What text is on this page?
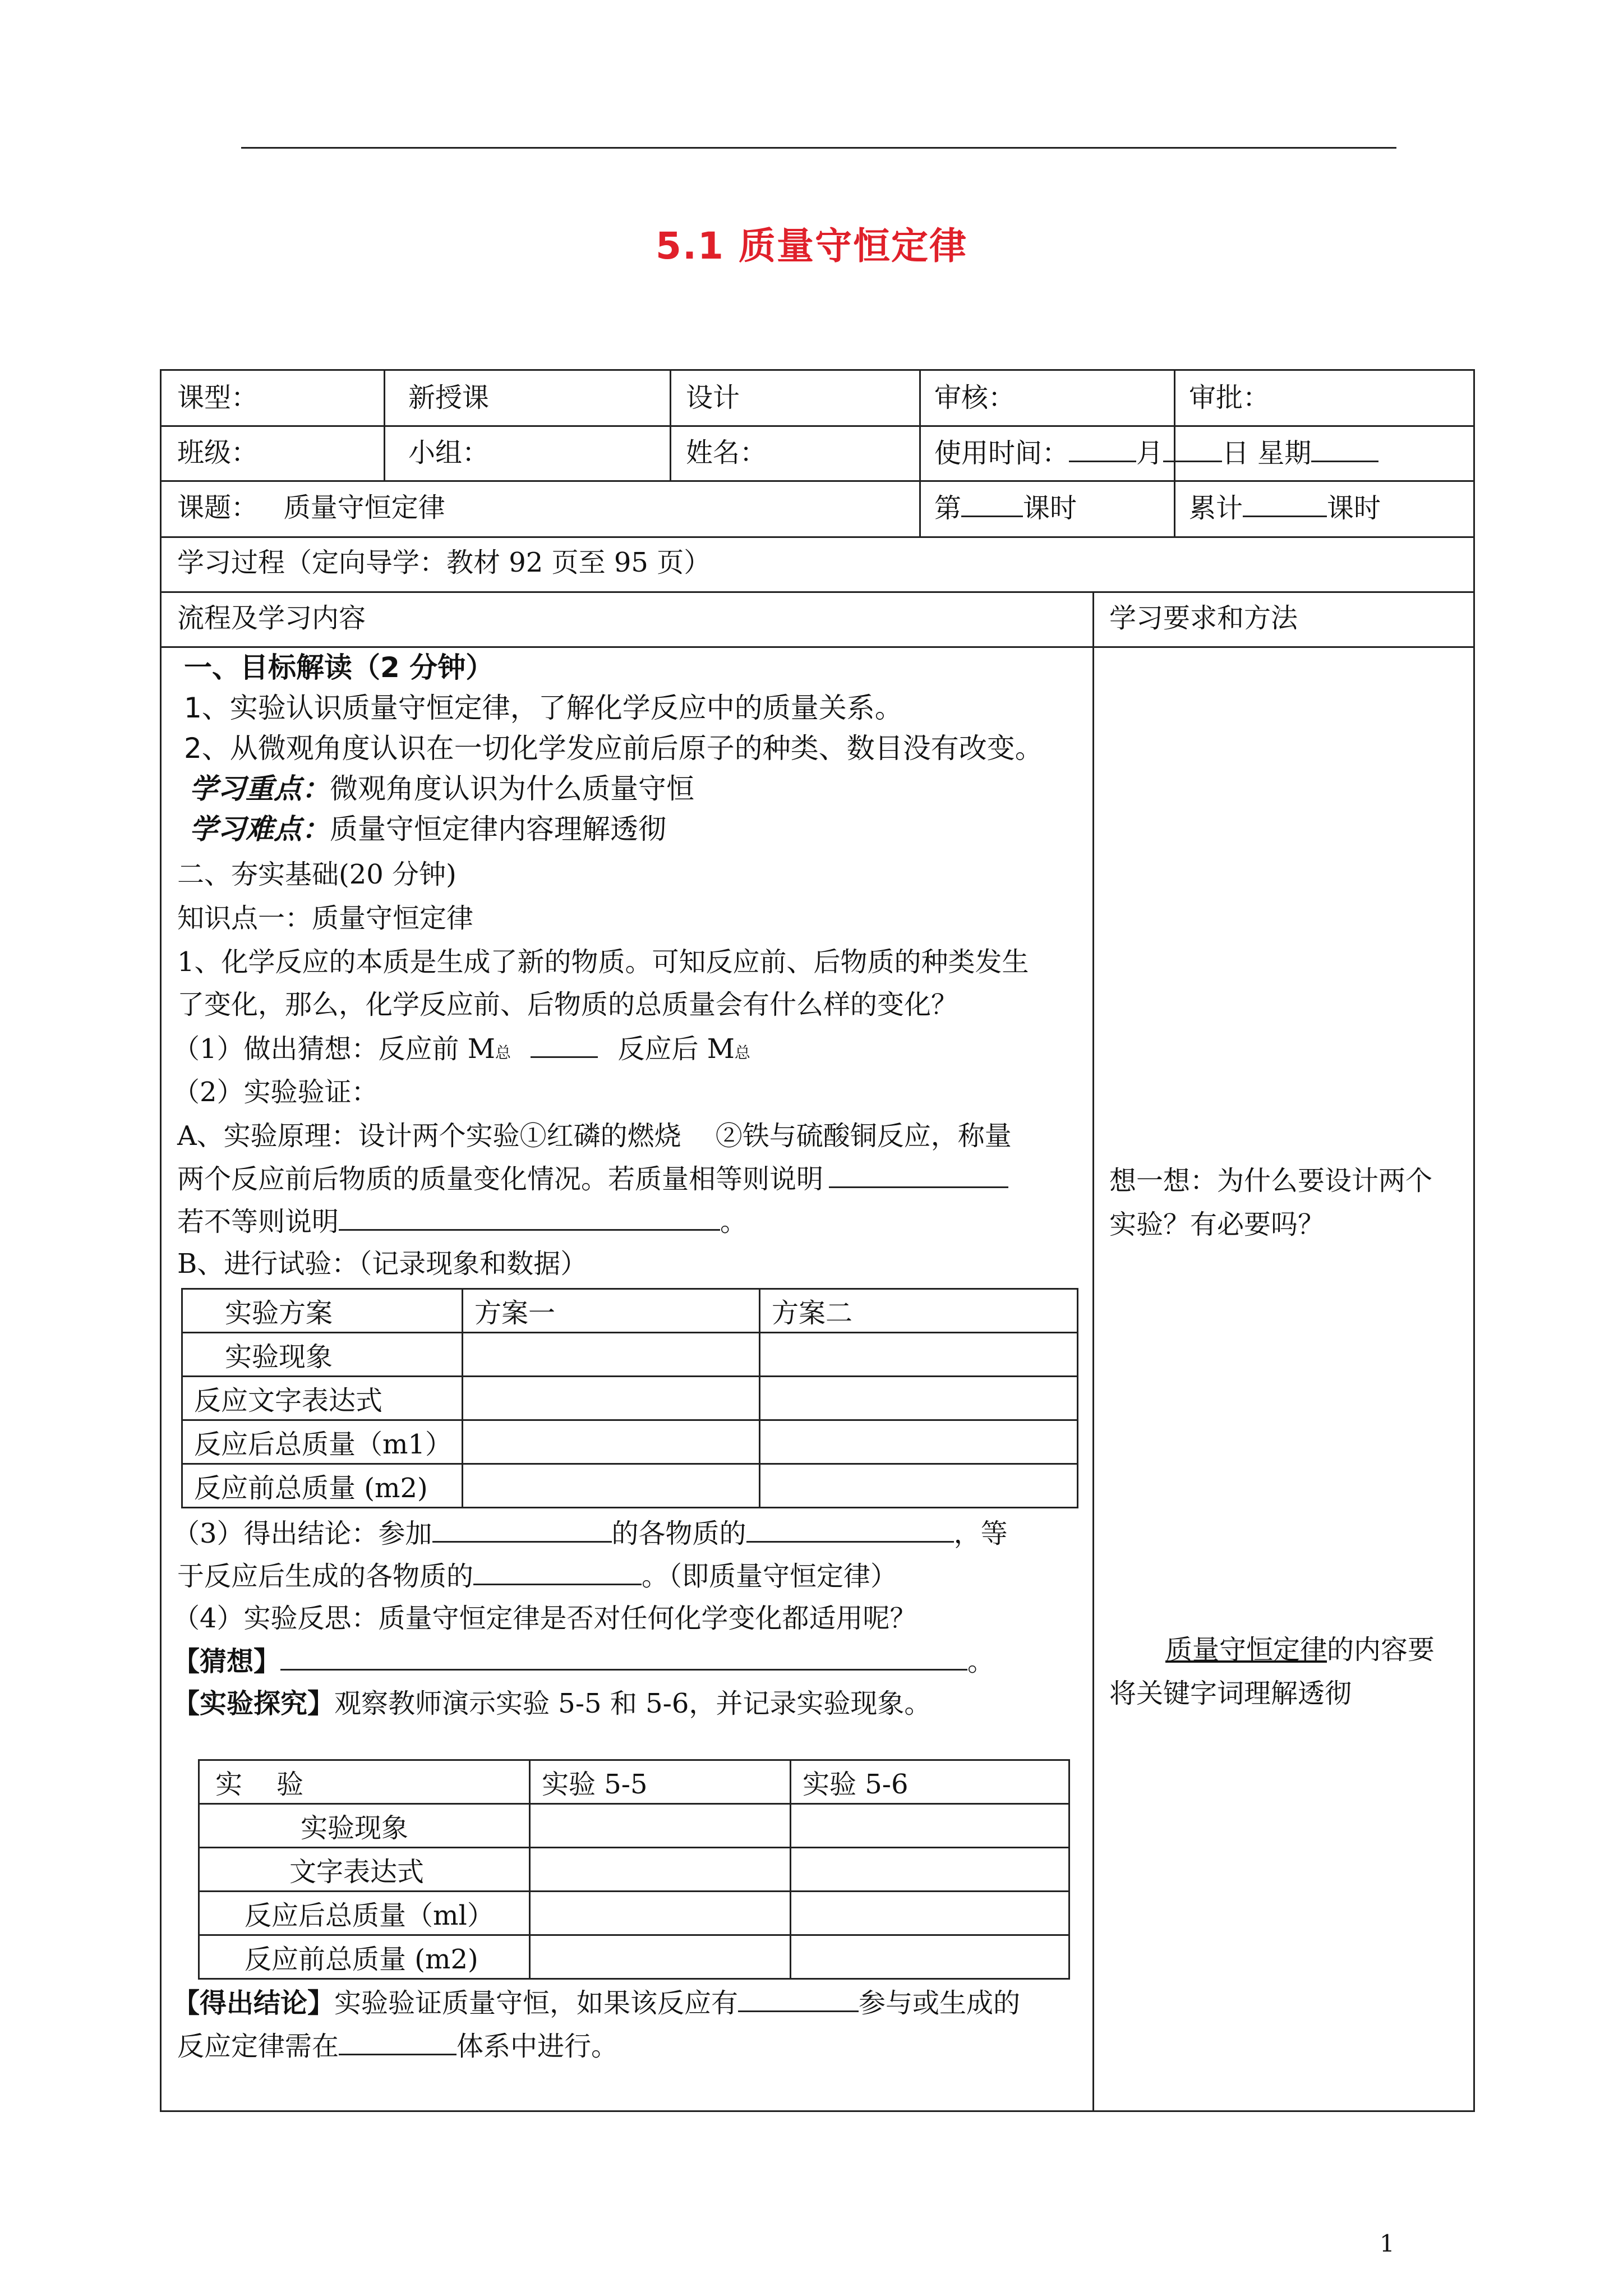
5.1 质量守恒定律
课型：	新授课	设计	审核：	审批：
班级：	小组：	姓名：	使用时间：	月 日 星期
课题：   质量守恒定律	第 课时	累计	课时
学习过程（定向导学：教材 92 页至 95 页）
流程及学习内容	学习要求和方法
一、目标解读（2 分钟）
1、实验认识质量守恒定律，了解化学反应中的质量关系。
2、从微观角度认识在一切化学发应前后原子的种类、数目没有改变。
学习重点：微观角度认识为什么质量守恒
学习难点：质量守恒定律内容理解透彻
二、夯实基础(20 分钟)
知识点一：质量守恒定律
1、化学反应的本质是生成了新的物质。可知反应前、后物质的种类发生
了变化，那么，化学反应前、后物质的总质量会有什么样的变化？
（1）做出猜想：反应前 M总	反应后 M总
（2）实验验证：
A、实验原理：设计两个实验①红磷的燃烧    ②铁与硫酸铜反应，称量
两个反应前后物质的质量变化情况。若质量相等则说明
若不等则说明	。
B、进行试验：（记录现象和数据）
实验方案	方案一	方案二
实验现象		
反应文字表达式		
反应后总质量（m1）		
反应前总质量 (m2)		
（3）得出结论：参加	的各物质的	，等
于反应后生成的各物质的	。（即质量守恒定律）
（4）实验反思：质量守恒定律是否对任何化学变化都适用呢？
【猜想】	。
【实验探究】观察教师演示实验 5-5 和 5-6，并记录实验现象。
实    验	实验 5-5	实验 5-6
实验现象		
文字表达式		
反应后总质量（ml）		
反应前总质量 (m2)		
【得出结论】实验验证质量守恒，如果该反应有	参与或生成的
反应定律需在	体系中进行。
想一想：为什么要设计两个
实验？有必要吗？
质量守恒定律的内容要
将关键字词理解透彻
1
